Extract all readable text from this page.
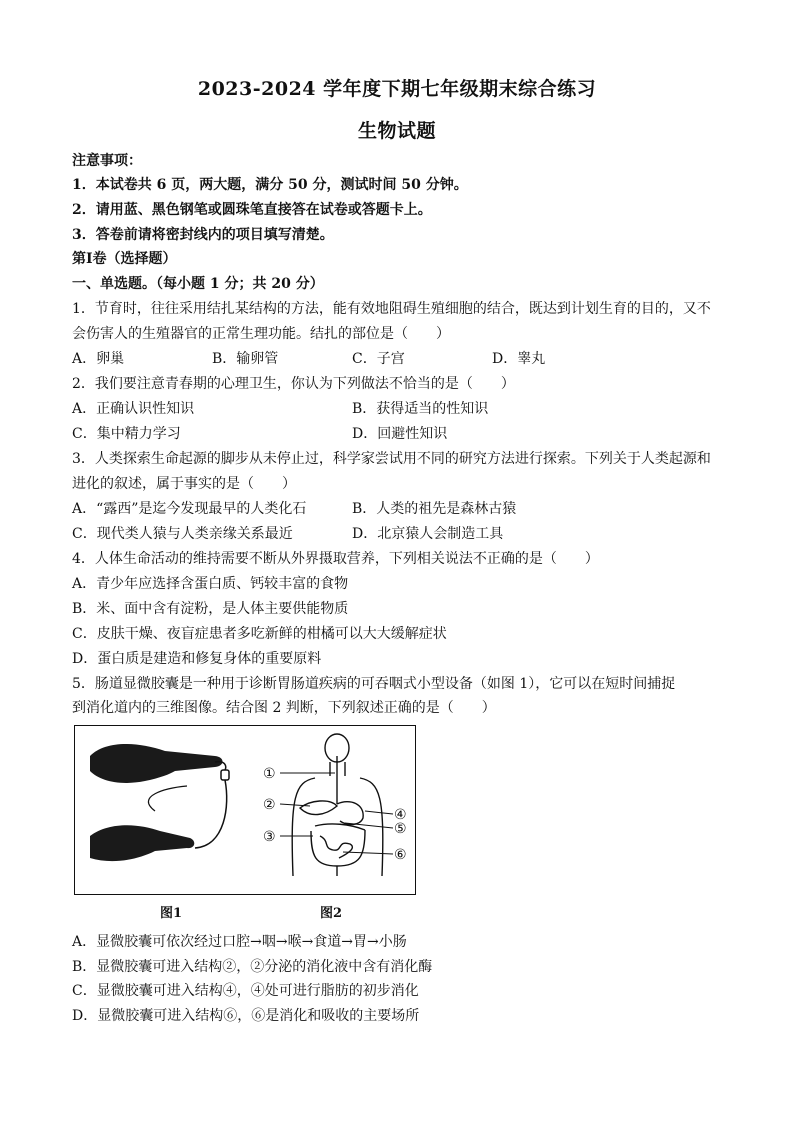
2023-2024 学年度下期七年级期末综合练习
生物试题
注意事项：
1．本试卷共 6 页，两大题，满分 50 分，测试时间 50 分钟。
2．请用蓝、黑色钢笔或圆珠笔直接答在试卷或答题卡上。
3．答卷前请将密封线内的项目填写清楚。
第Ⅰ卷（选择题）
一、单选题。（每小题 1 分；共 20 分）
1．节育时，往往采用结扎某结构的方法，能有效地阻碍生殖细胞的结合，既达到计划生育的目的，又不
会伤害人的生殖器官的正常生理功能。结扎的部位是（　　）
A．卵巢	B．输卵管	C．子宫	D．睾丸
2．我们要注意青春期的心理卫生，你认为下列做法不恰当的是（　　）
A．正确认识性知识	B．获得适当的性知识
C．集中精力学习	D．回避性知识
3．人类探索生命起源的脚步从未停止过，科学家尝试用不同的研究方法进行探索。下列关于人类起源和
进化的叙述，属于事实的是（　　）
A．“露西”是迄今发现最早的人类化石	B．人类的祖先是森林古猿
C．现代类人猿与人类亲缘关系最近	D．北京猿人会制造工具
4．人体生命活动的维持需要不断从外界摄取营养，下列相关说法不正确的是（　　）
A．青少年应选择含蛋白质、钙较丰富的食物
B．米、面中含有淀粉，是人体主要供能物质
C．皮肤干燥、夜盲症患者多吃新鲜的柑橘可以大大缓解症状
D．蛋白质是建造和修复身体的重要原料
5．肠道显微胶囊是一种用于诊断胃肠道疾病的可吞咽式小型设备（如图 1），它可以在短时间捕捉
到消化道内的三维图像。结合图 2 判断，下列叙述正确的是（　　）
①
②
③
④
⑤
⑥
图1	图2
A．显微胶囊可依次经过口腔→咽→喉→食道→胃→小肠
B．显微胶囊可进入结构②，②分泌的消化液中含有消化酶
C．显微胶囊可进入结构④，④处可进行脂肪的初步消化
D．显微胶囊可进入结构⑥，⑥是消化和吸收的主要场所
